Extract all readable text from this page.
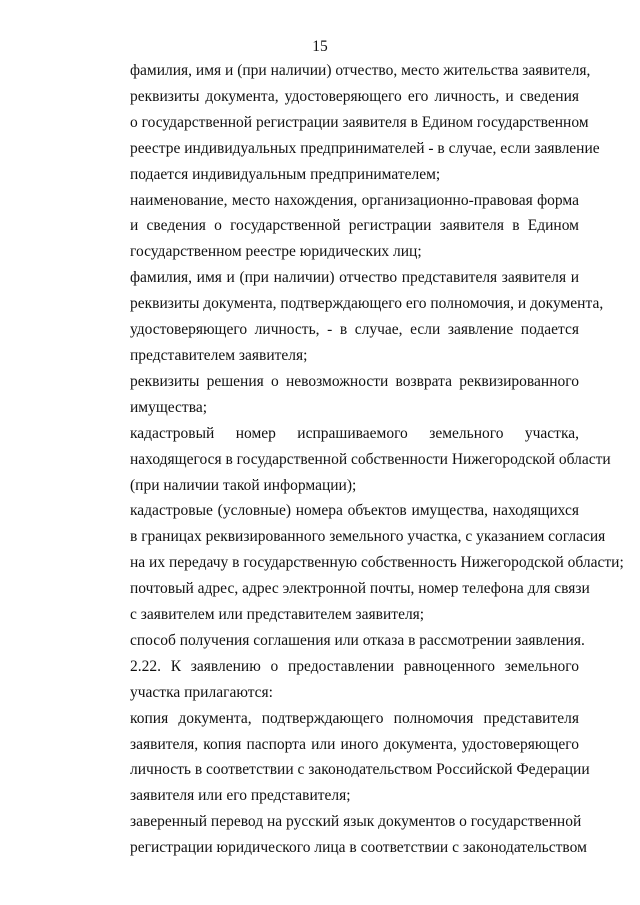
15

фамилия, имя и (при наличии) отчество, место жительства заявителя,
реквизиты документа, удостоверяющего его личность, и сведения
о государственной регистрации заявителя в Едином государственном
реестре индивидуальных предпринимателей - в случае, если заявление
подается индивидуальным предпринимателем;

наименование, место нахождения, организационно-правовая форма
и сведения о государственной регистрации заявителя в Едином
государственном реестре юридических лиц;

фамилия, имя и (при наличии) отчество представителя заявителя и
реквизиты документа, подтверждающего его полномочия, и документа,
удостоверяющего личность, - в случае, если заявление подается
представителем заявителя;

реквизиты решения о невозможности возврата реквизированного
имущества;

кадастровый номер испрашиваемого земельного участка,
находящегося в государственной собственности Нижегородской области
(при наличии такой информации);

кадастровые (условные) номера объектов имущества, находящихся
в границах реквизированного земельного участка, с указанием согласия
на их передачу в государственную собственность Нижегородской области;

почтовый адрес, адрес электронной почты, номер телефона для связи
с заявителем или представителем заявителя;

способ получения соглашения или отказа в рассмотрении заявления.

2.22. К заявлению о предоставлении равноценного земельного
участка прилагаются:

копия документа, подтверждающего полномочия представителя
заявителя, копия паспорта или иного документа, удостоверяющего
личность в соответствии с законодательством Российской Федерации
заявителя или его представителя;

заверенный перевод на русский язык документов о государственной
регистрации юридического лица в соответствии с законодательством
